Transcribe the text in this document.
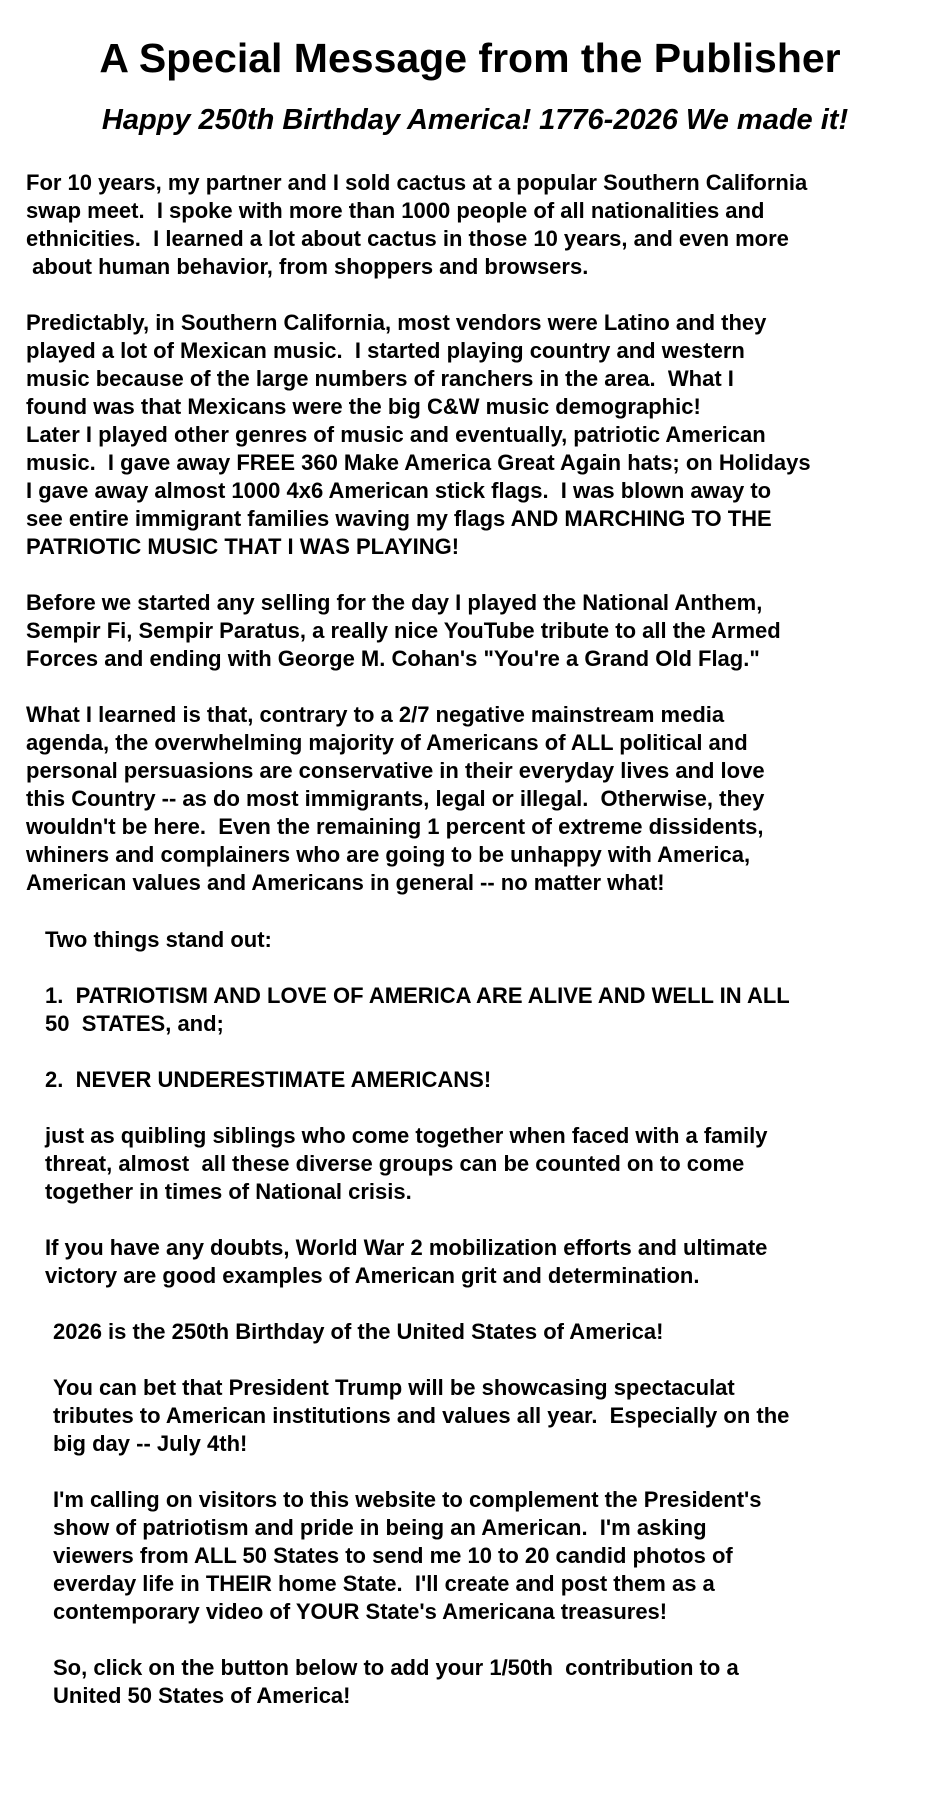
A Special Message from the Publisher
Happy 250th Birthday America! 1776-2026 We made it!

For 10 years, my partner and I sold cactus at a popular Southern California
swap meet.  I spoke with more than 1000 people of all nationalities and
ethnicities.  I learned a lot about cactus in those 10 years, and even more
about human behavior, from shoppers and browsers.

Predictably, in Southern California, most vendors were Latino and they
played a lot of Mexican music.  I started playing country and western
music because of the large numbers of ranchers in the area.  What I
found was that Mexicans were the big C&W music demographic!
Later I played other genres of music and eventually, patriotic American
music.  I gave away FREE 360 Make America Great Again hats; on Holidays
I gave away almost 1000 4x6 American stick flags.  I was blown away to
see entire immigrant families waving my flags AND MARCHING TO THE
PATRIOTIC MUSIC THAT I WAS PLAYING!

Before we started any selling for the day I played the National Anthem,
Sempir Fi, Sempir Paratus, a really nice YouTube tribute to all the Armed
Forces and ending with George M. Cohan's "You're a Grand Old Flag."

What I learned is that, contrary to a 2/7 negative mainstream media
agenda, the overwhelming majority of Americans of ALL political and
personal persuasions are conservative in their everyday lives and love
this Country -- as do most immigrants, legal or illegal.  Otherwise, they
wouldn't be here.  Even the remaining 1 percent of extreme dissidents,
whiners and complainers who are going to be unhappy with America,
American values and Americans in general -- no matter what!

Two things stand out:

1.  PATRIOTISM AND LOVE OF AMERICA ARE ALIVE AND WELL IN ALL
50  STATES, and;

2.  NEVER UNDERESTIMATE AMERICANS!

just as quibling siblings who come together when faced with a family
threat, almost  all these diverse groups can be counted on to come
together in times of National crisis.

If you have any doubts, World War 2 mobilization efforts and ultimate
victory are good examples of American grit and determination.

2026 is the 250th Birthday of the United States of America!

You can bet that President Trump will be showcasing spectaculat
tributes to American institutions and values all year.  Especially on the
big day -- July 4th!

I'm calling on visitors to this website to complement the President's
show of patriotism and pride in being an American.  I'm asking
viewers from ALL 50 States to send me 10 to 20 candid photos of
everday life in THEIR home State.  I'll create and post them as a
contemporary video of YOUR State's Americana treasures!

So, click on the button below to add your 1/50th  contribution to a
United 50 States of America!
